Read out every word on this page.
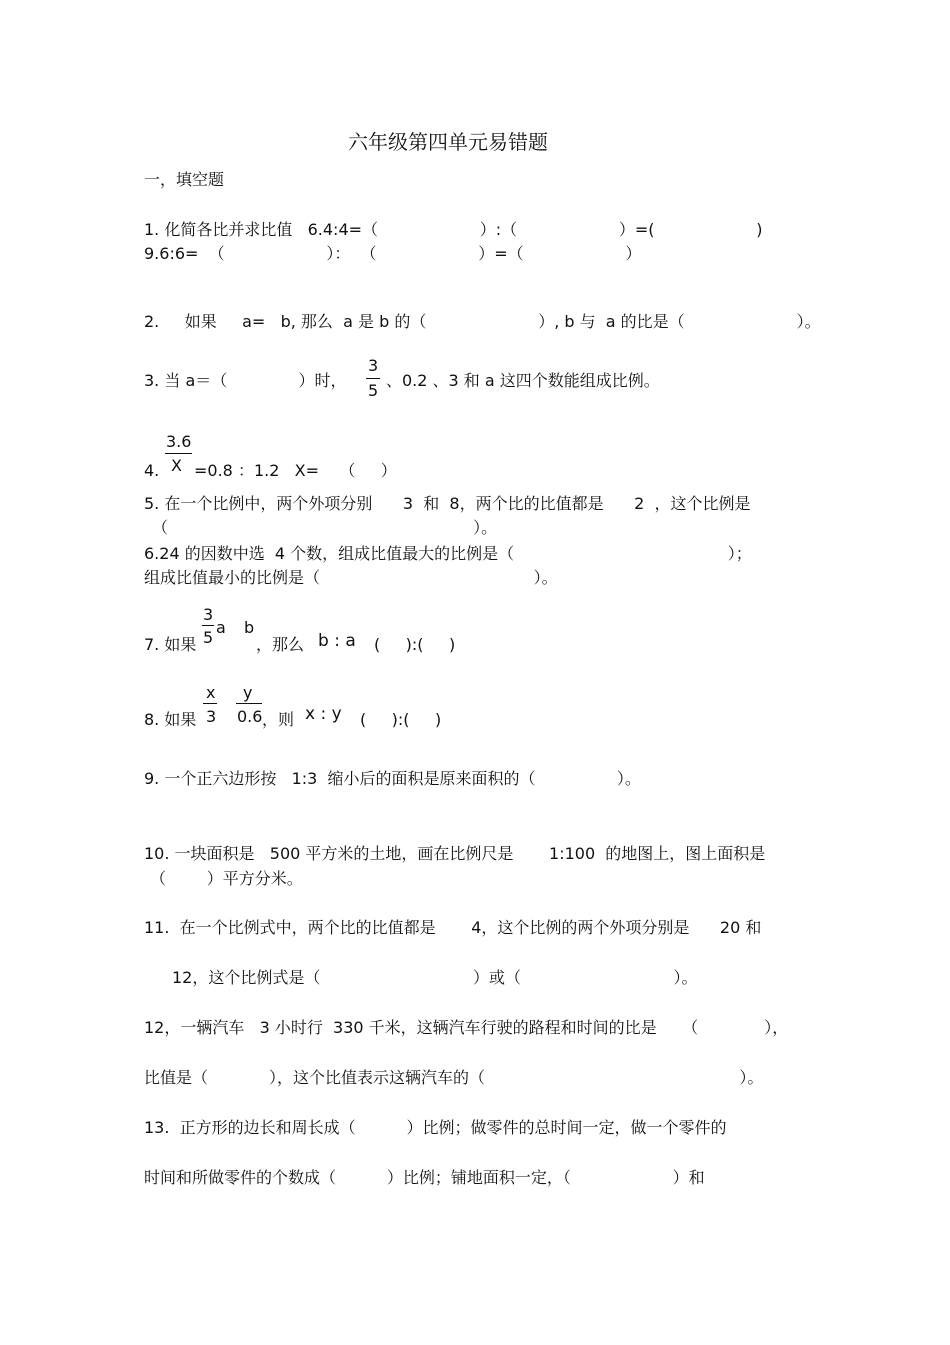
六年级第四单元易错题
一，填空题
1. 化简各比并求比值   6.4:4=（                    ）:（                    ）=(                    )
9.6:6=  （                    ）：  （                    ）=（                    ）
2.     如果     a=   b, 那么  a 是 b 的（                      ）, b 与  a 的比是（                      ）。
3. 当 a＝（              ）时，
3
5
、0.2 、3 和 a 这四个数能组成比例。
3.6
X
4. =0.8 ：1.2   X=    （     ）
5. 在一个比例中，两个外项分别      3  和  8，两个比的比值都是      2  ，这个比例是
（                                                            ）。
6.24 的因数中选  4 个数，组成比值最大的比例是（                                          ）；
组成比值最小的比例是（                                          ）。
3
5
a b
7. 如果	，那么 b : a (     ):(     )
x
3
y
0.6
8. 如果	，则 x : y (     ):(     )
9. 一个正六边形按   1:3  缩小后的面积是原来面积的（                ）。
10. 一块面积是   500 平方米的土地，画在比例尺是       1:100  的地图上，图上面积是
（        ）平方分米。
11.  在一个比例式中，两个比的比值都是       4，这个比例的两个外项分别是      20 和
12，这个比例式是（                              ）或（                              ）。
12，一辆汽车   3 小时行  330 千米，这辆汽车行驶的路程和时间的比是     （             ），
比值是（            ），这个比值表示这辆汽车的（                                                  ）。
13.  正方形的边长和周长成（          ）比例；做零件的总时间一定，做一个零件的
时间和所做零件的个数成（          ）比例；铺地面积一定，（                    ）和
